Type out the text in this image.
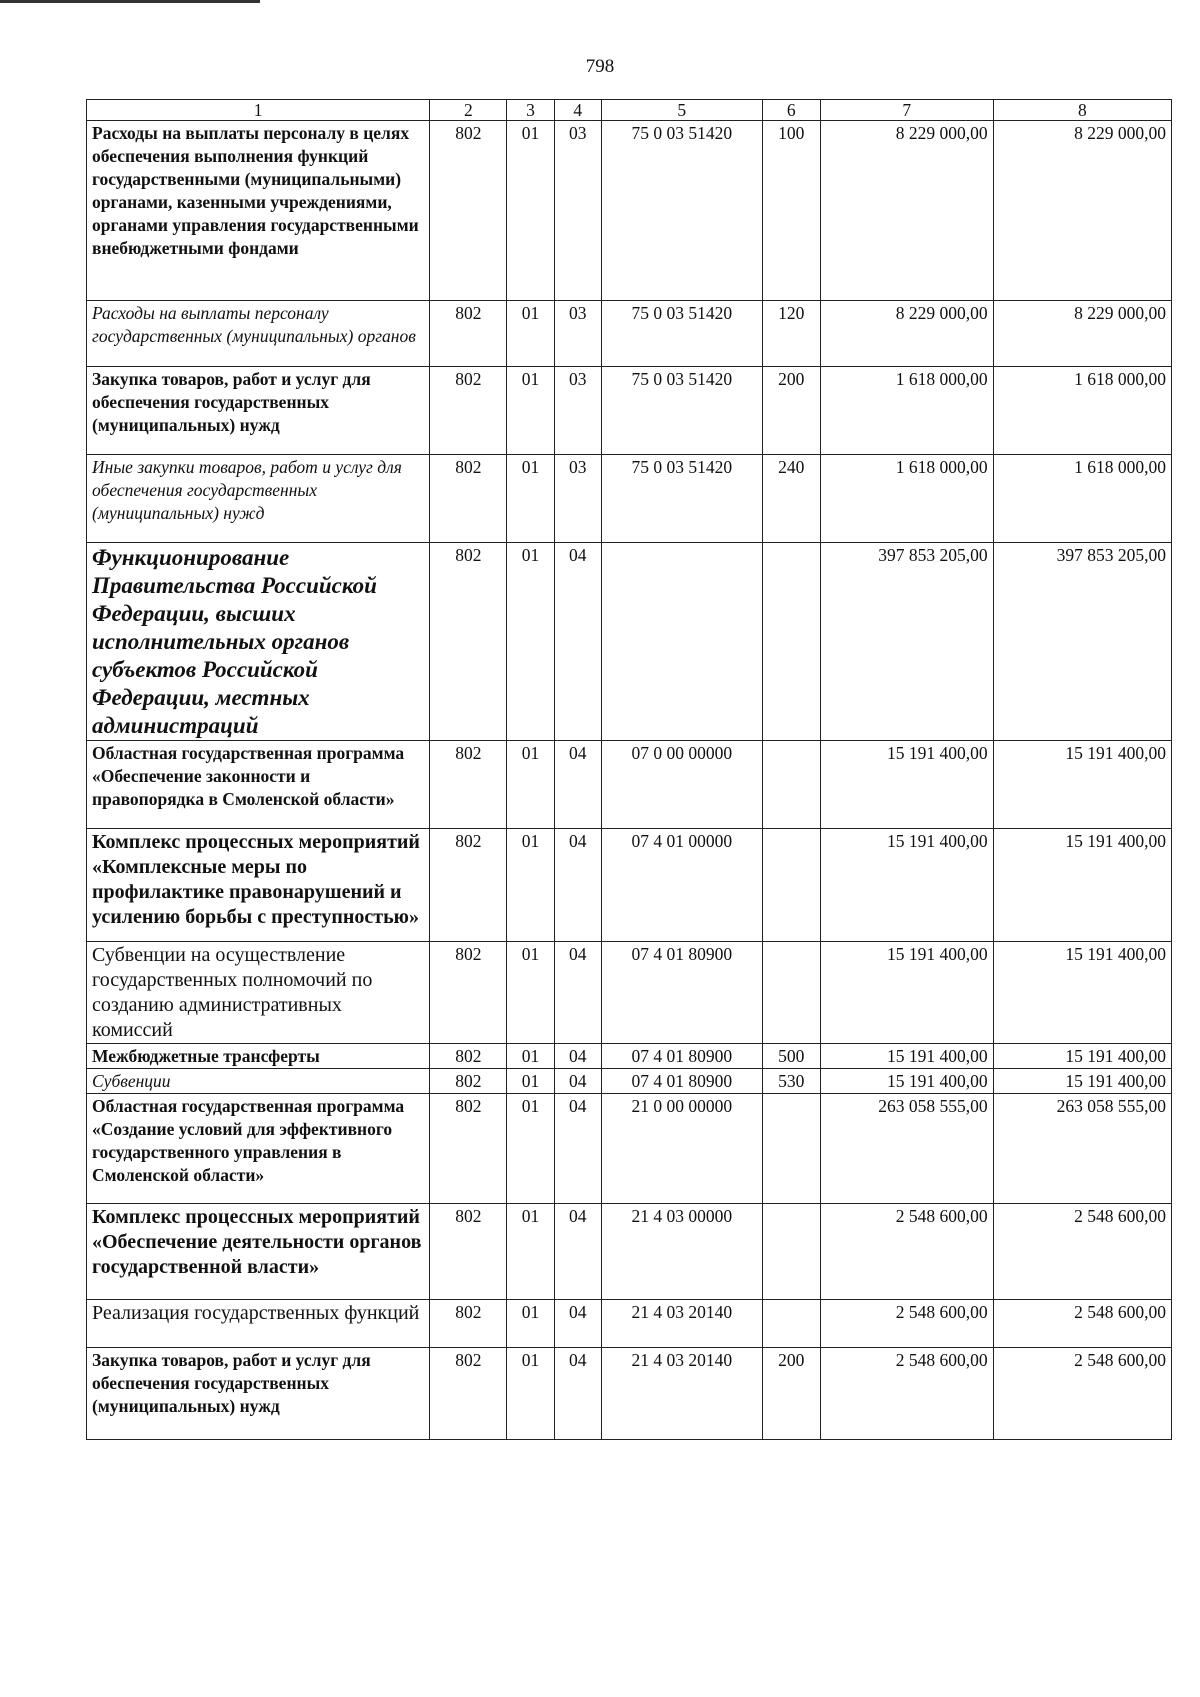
798
1	2	3	4	5	6	7	8
Расходы на выплаты персоналу в целях обеспечения выполнения функций государственными (муниципальными) органами, казенными учреждениями, органами управления государственными внебюджетными фондами	802	01	03	75 0 03 51420	100	8 229 000,00	8 229 000,00
Расходы на выплаты персоналу государственных (муниципальных) органов	802	01	03	75 0 03 51420	120	8 229 000,00	8 229 000,00
Закупка товаров, работ и услуг для обеспечения государственных (муниципальных) нужд	802	01	03	75 0 03 51420	200	1 618 000,00	1 618 000,00
Иные закупки товаров, работ и услуг для обеспечения государственных (муниципальных) нужд	802	01	03	75 0 03 51420	240	1 618 000,00	1 618 000,00
Функционирование Правительства Российской Федерации, высших исполнительных органов субъектов Российской Федерации, местных администраций	802	01	04			397 853 205,00	397 853 205,00
Областная государственная программа «Обеспечение законности и правопорядка в Смоленской области»	802	01	04	07 0 00 00000		15 191 400,00	15 191 400,00
Комплекс процессных мероприятий «Комплексные меры по профилактике правонарушений и усилению борьбы с преступностью»	802	01	04	07 4 01 00000		15 191 400,00	15 191 400,00
Субвенции на осуществление государственных полномочий по созданию административных комиссий	802	01	04	07 4 01 80900		15 191 400,00	15 191 400,00
Межбюджетные трансферты	802	01	04	07 4 01 80900	500	15 191 400,00	15 191 400,00
Субвенции	802	01	04	07 4 01 80900	530	15 191 400,00	15 191 400,00
Областная государственная программа «Создание условий для эффективного государственного управления в Смоленской области»	802	01	04	21 0 00 00000		263 058 555,00	263 058 555,00
Комплекс процессных мероприятий «Обеспечение деятельности органов государственной власти»	802	01	04	21 4 03 00000		2 548 600,00	2 548 600,00
Реализация государственных функций	802	01	04	21 4 03 20140		2 548 600,00	2 548 600,00
Закупка товаров, работ и услуг для обеспечения государственных (муниципальных) нужд	802	01	04	21 4 03 20140	200	2 548 600,00	2 548 600,00
